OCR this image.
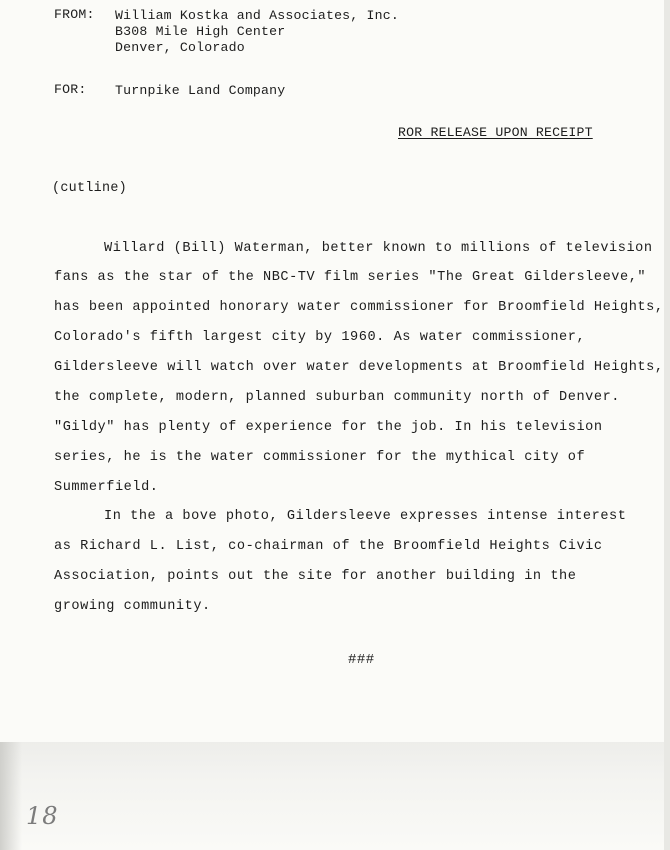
FROM: William Kostka and Associates, Inc.
B308 Mile High Center
Denver, Colorado
FOR: Turnpike Land Company
ROR RELEASE UPON RECEIPT
(cutline)
Willard (Bill) Waterman, better known to millions of television
fans as the star of the NBC-TV film series "The Great Gildersleeve,"
has been appointed honorary water commissioner for Broomfield Heights,
Colorado's fifth largest city by 1960. As water commissioner,
Gildersleeve will watch over water developments at Broomfield Heights,
the complete, modern, planned suburban community north of Denver.
"Gildy" has plenty of experience for the job. In his television
series, he is the water commissioner for the mythical city of
Summerfield.
In the a bove photo, Gildersleeve expresses intense interest
as Richard L. List, co-chairman of the Broomfield Heights Civic
Association, points out the site for another building in the
growing community.
###
18
